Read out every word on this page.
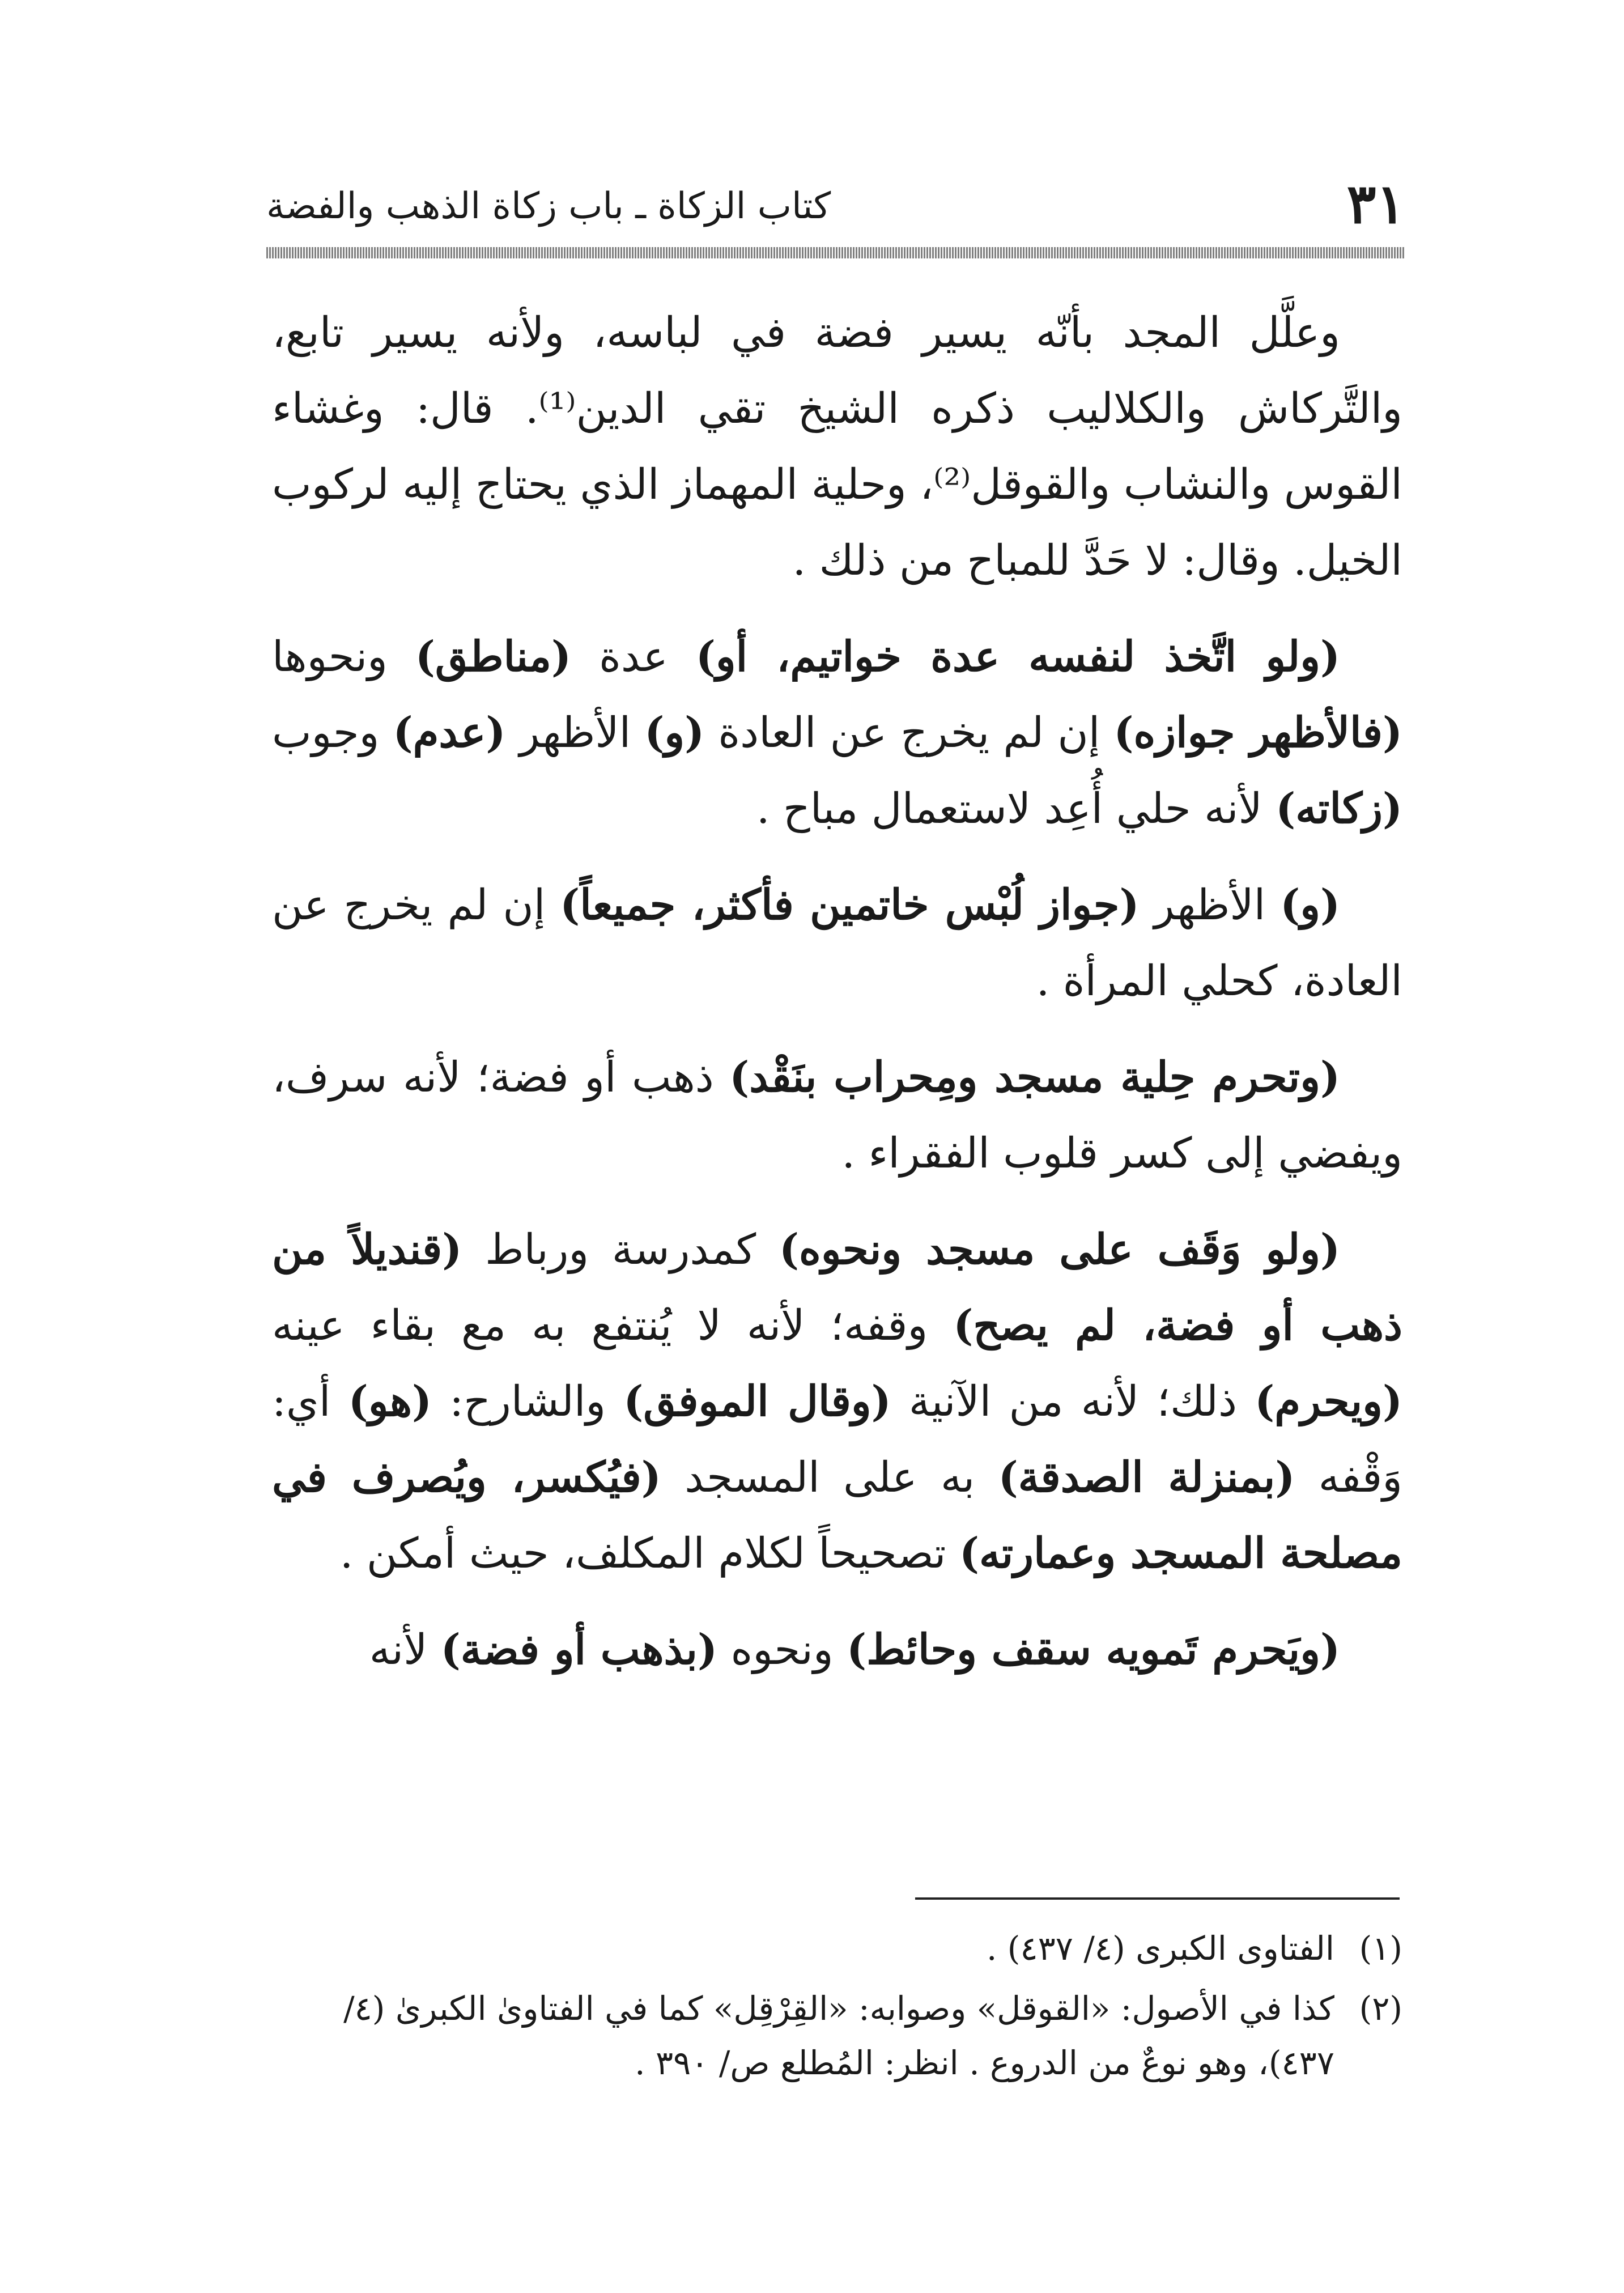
كتاب الزكاة ـ باب زكاة الذهب والفضة	٣١

وعلَّل المجد بأنّه يسير فضة في لباسه، ولأنه يسير تابع، والتَّركاش والكلاليب ذكره الشيخ تقي الدين⁽¹⁾. قال: وغشاء القوس والنشاب والقوقل⁽²⁾، وحلية المهماز الذي يحتاج إليه لركوب الخيل. وقال: لا حَدَّ للمباح من ذلك .

(ولو اتَّخذ لنفسه عدة خواتيم، أو) عدة (مناطق) ونحوها (فالأظهر جوازه) إن لم يخرج عن العادة (و) الأظهر (عدم) وجوب (زكاته) لأنه حلي أُعِد لاستعمال مباح .

(و) الأظهر (جواز لُبْس خاتمين فأكثر، جميعاً) إن لم يخرج عن العادة، كحلي المرأة .

(وتحرم حِلية مسجد ومِحراب بنَقْد) ذهب أو فضة؛ لأنه سرف، ويفضي إلى كسر قلوب الفقراء .

(ولو وَقَف على مسجد ونحوه) كمدرسة ورباط (قنديلاً من ذهب أو فضة، لم يصح) وقفه؛ لأنه لا يُنتفع به مع بقاء عينه (ويحرم) ذلك؛ لأنه من الآنية (وقال الموفق) والشارح: (هو) أي: وَقْفه (بمنزلة الصدقة) به على المسجد (فيُكسر، ويُصرف في مصلحة المسجد وعمارته) تصحيحاً لكلام المكلف، حيث أمكن .

(ويَحرم تَمويه سقف وحائط) ونحوه (بذهب أو فضة) لأنه

(١)الفتاوى الكبرى (٤/ ٤٣٧) .

(٢)كذا في الأصول: «القوقل» وصوابه: «القِرْقِل» كما في الفتاوىٰ الكبرىٰ (٤/ ٤٣٧)، وهو نوعٌ من الدروع . انظر: المُطلع ص/ ٣٩٠ .
